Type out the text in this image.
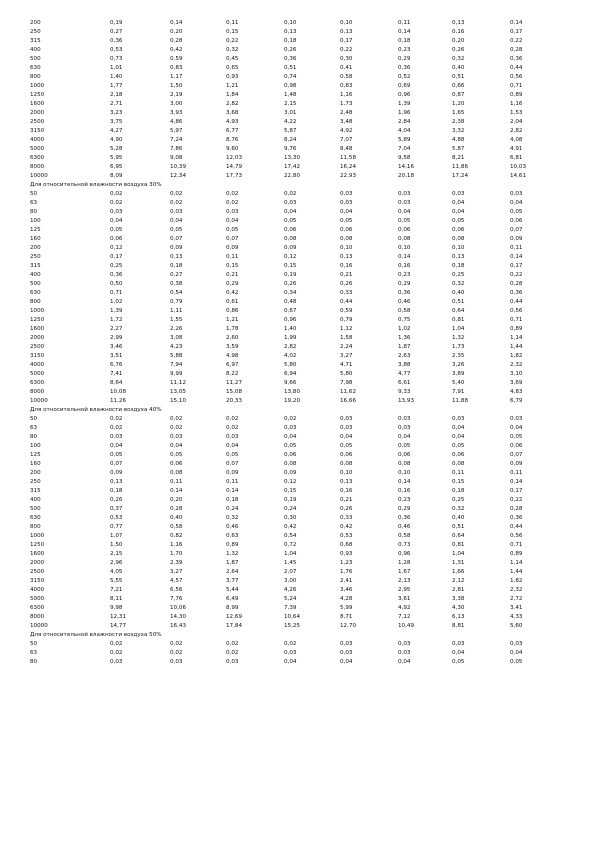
200	0,19	0,14	0,11	0,10	0,10	0,11	0,13	0,14
250	0,27	0,20	0,15	0,13	0,13	0,14	0,16	0,17
315	0,36	0,28	0,22	0,18	0,17	0,18	0,20	0,22
400	0,53	0,42	0,32	0,26	0,22	0,23	0,26	0,28
500	0,73	0,59	0,45	0,36	0,30	0,29	0,32	0,36
630	1,01	0,83	0,65	0,51	0,41	0,36	0,40	0,44
800	1,40	1,17	0,93	0,74	0,58	0,52	0,51	0,56
1000	1,77	1,50	1,21	0,98	0,83	0,69	0,66	0,71
1250	2,18	2,19	1,84	1,48	1,16	0,96	0,87	0,89
1600	2,71	3,00	2,82	2,15	1,73	1,39	1,20	1,16
2000	3,23	3,93	3,68	3,01	2,48	1,96	1,65	1,53
2500	3,75	4,86	4,93	4,22	3,48	2,84	2,38	2,04
3150	4,27	5,97	6,77	5,87	4,92	4,04	3,32	2,82
4000	4,90	7,24	8,76	8,24	7,07	5,89	4,88	4,08
5000	5,28	7,86	9,60	9,76	8,48	7,04	5,87	4,91
6300	5,95	9,08	12,03	13,30	11,58	9,58	8,21	6,81
8000	6,95	10,39	14,79	17,42	16,24	14,16	11,86	10,03
10000	8,09	12,34	17,73	22,80	22,93	20,18	17,24	14,61
Для относительной влажности воздуха 30%
50	0,02	0,02	0,02	0,02	0,03	0,03	0,03	0,03
63	0,02	0,02	0,02	0,03	0,03	0,03	0,04	0,04
80	0,03	0,03	0,03	0,04	0,04	0,04	0,04	0,05
100	0,04	0,04	0,04	0,05	0,05	0,05	0,05	0,06
125	0,05	0,05	0,05	0,06	0,06	0,06	0,06	0,07
160	0,06	0,07	0,07	0,08	0,08	0,08	0,08	0,09
200	0,12	0,09	0,09	0,09	0,10	0,10	0,10	0,11
250	0,17	0,13	0,11	0,12	0,13	0,14	0,13	0,14
315	0,25	0,18	0,15	0,15	0,16	0,16	0,18	0,17
400	0,36	0,27	0,21	0,19	0,21	0,23	0,25	0,22
500	0,50	0,38	0,29	0,26	0,26	0,29	0,32	0,28
630	0,71	0,54	0,42	0,34	0,33	0,36	0,40	0,36
800	1,02	0,79	0,61	0,48	0,44	0,46	0,51	0,44
1000	1,39	1,11	0,86	0,67	0,59	0,58	0,64	0,56
1250	1,72	1,55	1,21	0,96	0,79	0,75	0,81	0,71
1600	2,27	2,26	1,78	1,40	1,12	1,02	1,04	0,89
2000	2,99	3,08	2,60	1,99	1,58	1,36	1,32	1,14
2500	3,46	4,23	3,59	2,82	2,24	1,87	1,73	1,44
3150	3,51	5,88	4,98	4,02	3,27	2,63	2,35	1,82
4000	6,76	7,94	6,97	5,80	4,71	3,88	3,26	2,32
5000	7,41	9,99	8,22	6,94	5,80	4,77	3,89	3,10
6300	8,64	11,12	11,27	9,66	7,98	6,61	5,40	3,69
8000	10,08	13,05	15,08	13,80	11,62	9,33	7,91	4,83
10000	11,26	15,10	20,33	19,20	16,66	13,93	11,88	6,79
Для относительной влажности воздуха 40%
50	0,02	0,02	0,02	0,02	0,03	0,03	0,03	0,03
63	0,02	0,02	0,02	0,03	0,03	0,03	0,04	0,04
80	0,03	0,03	0,03	0,04	0,04	0,04	0,04	0,05
100	0,04	0,04	0,04	0,05	0,05	0,05	0,05	0,06
125	0,05	0,05	0,05	0,06	0,06	0,06	0,06	0,07
160	0,07	0,06	0,07	0,08	0,08	0,08	0,08	0,09
200	0,09	0,08	0,09	0,09	0,10	0,10	0,11	0,11
250	0,13	0,11	0,11	0,12	0,13	0,14	0,15	0,14
315	0,18	0,14	0,14	0,15	0,16	0,16	0,18	0,17
400	0,26	0,20	0,18	0,19	0,21	0,23	0,25	0,22
500	0,37	0,28	0,24	0,24	0,26	0,29	0,32	0,28
630	0,53	0,40	0,32	0,30	0,33	0,36	0,40	0,36
800	0,77	0,58	0,46	0,42	0,42	0,46	0,51	0,44
1000	1,07	0,82	0,63	0,54	0,53	0,58	0,64	0,56
1250	1,50	1,16	0,89	0,72	0,68	0,73	0,81	0,71
1600	2,15	1,70	1,32	1,04	0,93	0,96	1,04	0,89
2000	2,96	2,39	1,87	1,45	1,23	1,28	1,31	1,14
2500	4,05	3,27	2,64	2,07	1,76	1,67	1,66	1,44
3150	5,55	4,57	3,77	3,00	2,41	2,13	2,12	1,82
4000	7,21	6,56	5,44	4,26	3,46	2,95	2,81	2,32
5000	8,11	7,76	6,49	5,24	4,28	3,61	3,38	2,72
6300	9,98	10,06	8,99	7,39	5,99	4,92	4,30	3,41
8000	12,31	14,30	12,69	10,64	8,71	7,12	6,13	4,33
10000	14,77	16,43	17,84	15,25	12,70	10,49	8,81	5,60
Для относительной влажности воздуха 50%
50	0,02	0,02	0,02	0,02	0,03	0,03	0,03	0,03
63	0,02	0,02	0,02	0,03	0,03	0,03	0,04	0,04
80	0,03	0,03	0,03	0,04	0,04	0,04	0,05	0,05
